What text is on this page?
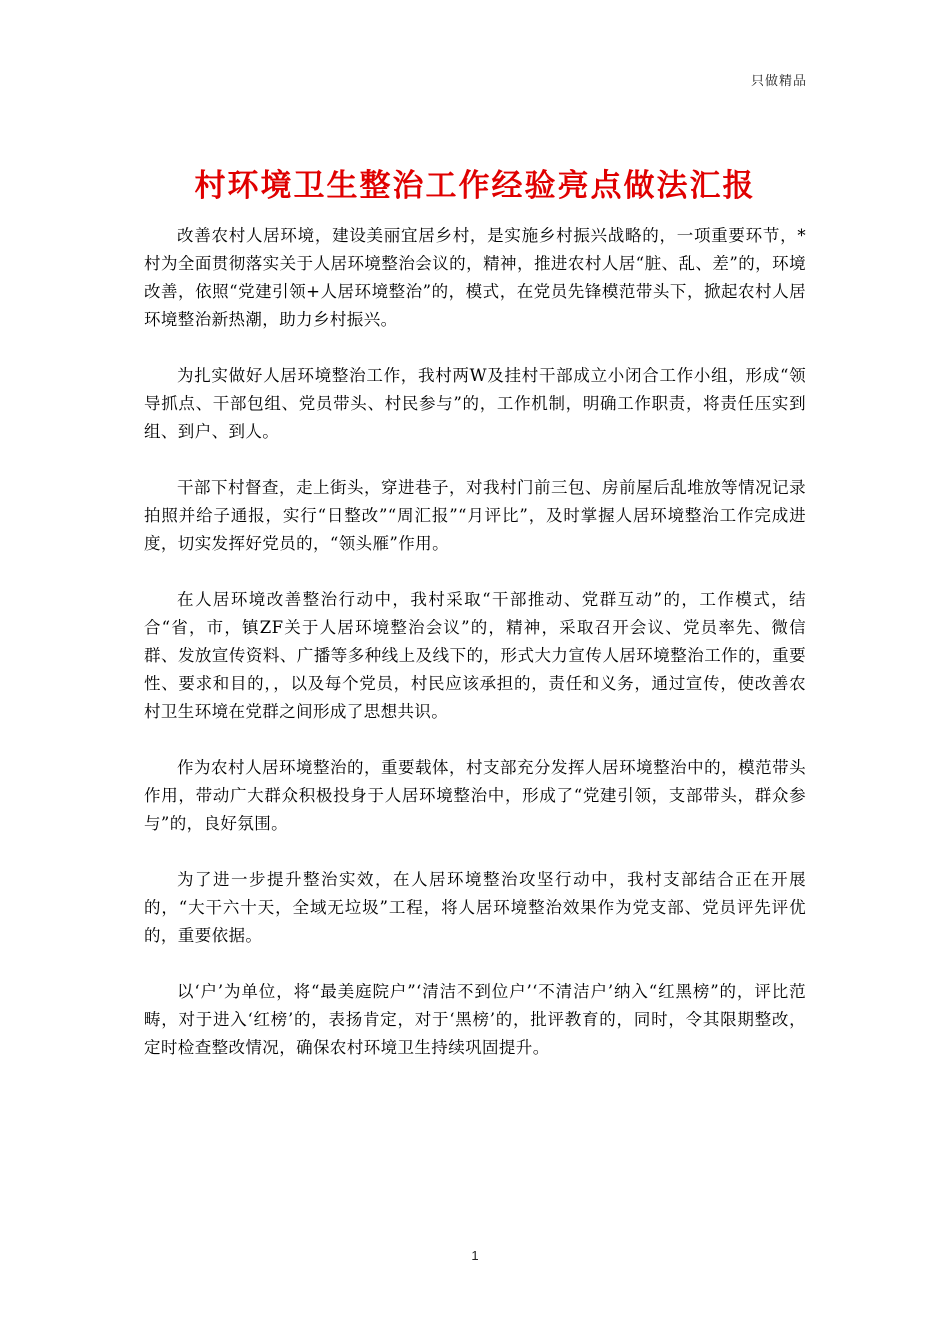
只做精品
村环境卫生整治工作经验亮点做法汇报

改善农村人居环境，建设美丽宜居乡村，是实施乡村振兴战略的，一项重要环节，*村为全面贯彻落实关于人居环境整治会议的，精神，推进农村人居“脏、乱、差”的，环境改善，依照“党建引领+人居环境整治”的，模式，在党员先锋模范带头下，掀起农村人居环境整治新热潮，助力乡村振兴。

为扎实做好人居环境整治工作，我村两W及挂村干部成立小闭合工作小组，形成“领导抓点、干部包组、党员带头、村民参与”的，工作机制，明确工作职责，将责任压实到组、到户、到人。

干部下村督查，走上街头，穿进巷子，对我村门前三包、房前屋后乱堆放等情况记录拍照并给子通报，实行“日整改”“周汇报”“月评比”，及时掌握人居环境整治工作完成进度，切实发挥好党员的，“领头雁”作用。

在人居环境改善整治行动中，我村采取“干部推动、党群互动”的，工作模式，结合“省，市，镇ZF关于人居环境整治会议”的，精神，采取召开会议、党员率先、微信群、发放宣传资料、广播等多种线上及线下的，形式大力宣传人居环境整治工作的，重要性、要求和目的，，以及每个党员，村民应该承担的，责任和义务，通过宣传，使改善农村卫生环境在党群之间形成了思想共识。

作为农村人居环境整治的，重要载体，村支部充分发挥人居环境整治中的，模范带头作用，带动广大群众积极投身于人居环境整治中，形成了“党建引领，支部带头，群众参与”的，良好氛围。

为了进一步提升整治实效，在人居环境整治攻坚行动中，我村支部结合正在开展的，“大干六十天，全域无垃圾”工程，将人居环境整治效果作为党支部、党员评先评优的，重要依据。

以‘户’为单位，将“最美庭院户”‘清洁不到位户’‘不清洁户’纳入“红黑榜”的，评比范畴，对于进入‘红榜’的，表扬肯定，对于‘黑榜’的，批评教育的，同时，令其限期整改，定时检查整改情况，确保农村环境卫生持续巩固提升。

1
